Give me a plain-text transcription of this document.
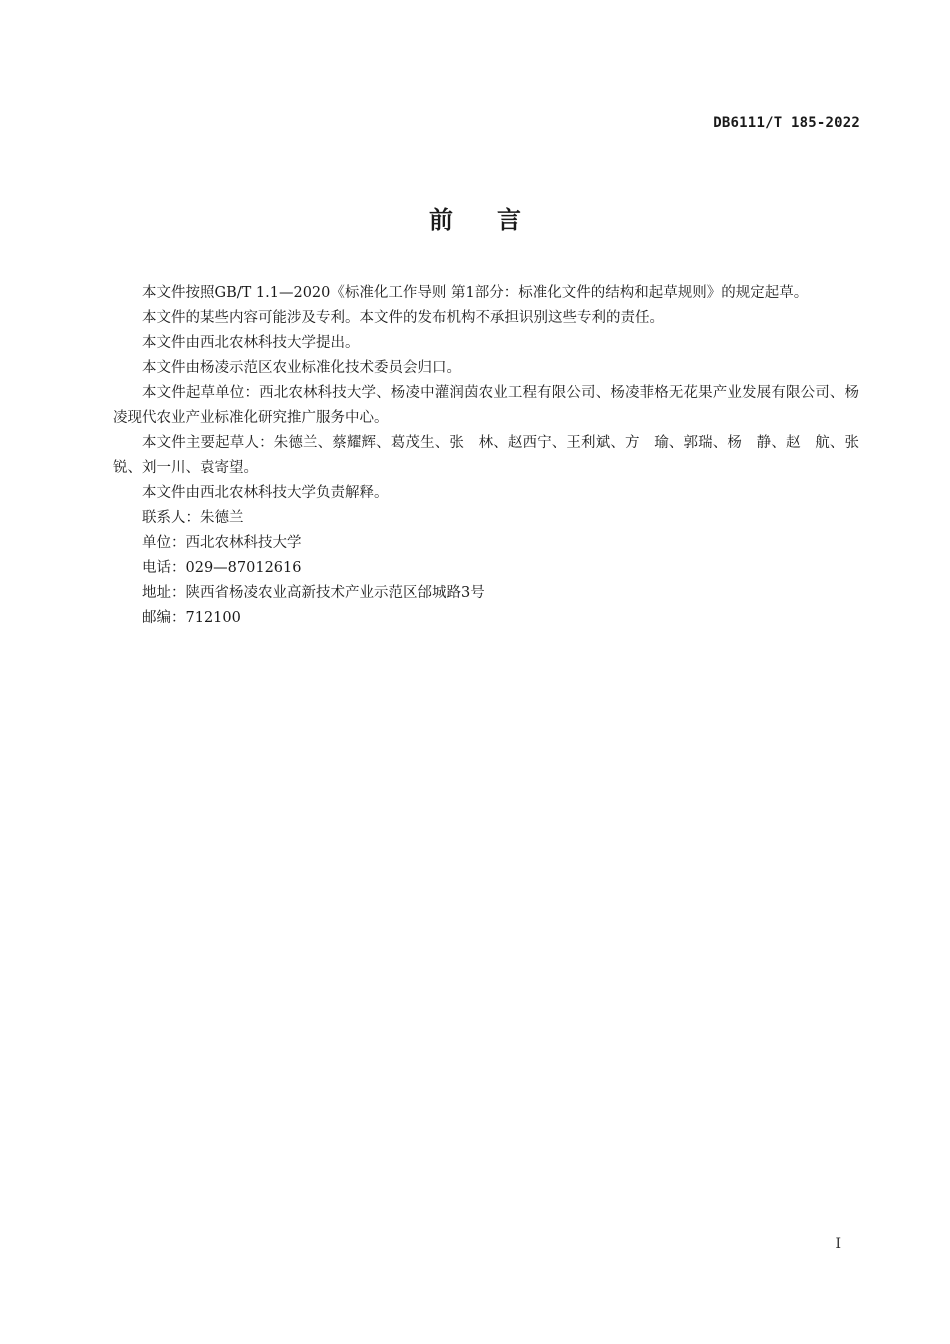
DB6111/T 185-2022
前言

本文件按照GB/T 1.1—2020《标准化工作导则 第1部分：标准化文件的结构和起草规则》的规定起草。

本文件的某些内容可能涉及专利。本文件的发布机构不承担识别这些专利的责任。

本文件由西北农林科技大学提出。

本文件由杨凌示范区农业标准化技术委员会归口。

本文件起草单位：西北农林科技大学、杨凌中灌润茵农业工程有限公司、杨凌菲格无花果产业发展有限公司、杨凌现代农业产业标准化研究推广服务中心。

本文件主要起草人：朱德兰、蔡耀辉、葛茂生、张　林、赵西宁、王利斌、方　瑜、郭瑞、杨　静、赵　航、张　锐、刘一川、袁寄望。

本文件由西北农林科技大学负责解释。

联系人：朱德兰

单位：西北农林科技大学

电话：029—87012616

地址：陕西省杨凌农业高新技术产业示范区邰城路3号

邮编：712100

I
